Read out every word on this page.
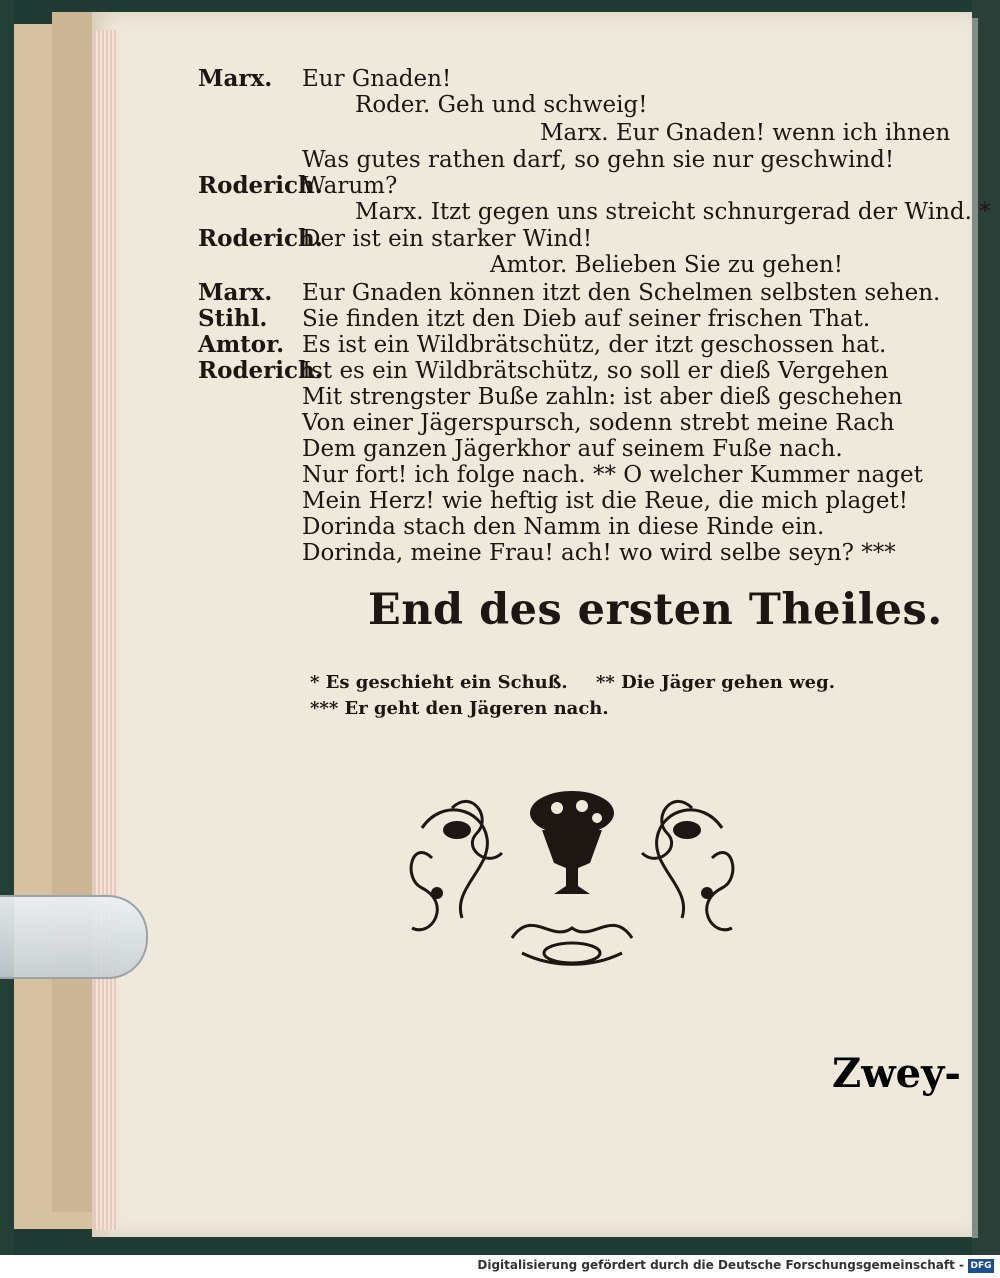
Marx. Eur Gnaden!
Roder. Geh und schweig!
Marx. Eur Gnaden! wenn ich ihnen
Was gutes rathen darf, so gehn sie nur geschwind!
Roderich.
Warum?
Marx. Itzt gegen uns streicht schnurgerad der Wind. *
Roderich.
Der ist ein starker Wind!
Amtor. Belieben Sie zu gehen!
Marx. Eur Gnaden können itzt den Schelmen selbsten sehen.
Stihl. Sie finden itzt den Dieb auf seiner frischen That.
Amtor. Es ist ein Wildbrätschütz, der itzt geschossen hat.
Roderich.
Ist es ein Wildbrätschütz, so soll er dieß Vergehen
Mit strengster Buße zahln: ist aber dieß geschehen
Von einer Jägerspursch, sodenn strebt meine Rach
Dem ganzen Jägerkhor auf seinem Fuße nach.
Nur fort! ich folge nach. ** O welcher Kummer naget
Mein Herz! wie heftig ist die Reue, die mich plaget!
Dorinda stach den Namm in diese Rinde ein.
Dorinda, meine Frau! ach! wo wird selbe seyn? ***
End des ersten Theiles.
* Es geschieht ein Schuß. ** Die Jäger gehen weg.
*** Er geht den Jägeren nach.
Zwey-
Digitalisierung gefördert durch die Deutsche Forschungsgemeinschaft - DFG
